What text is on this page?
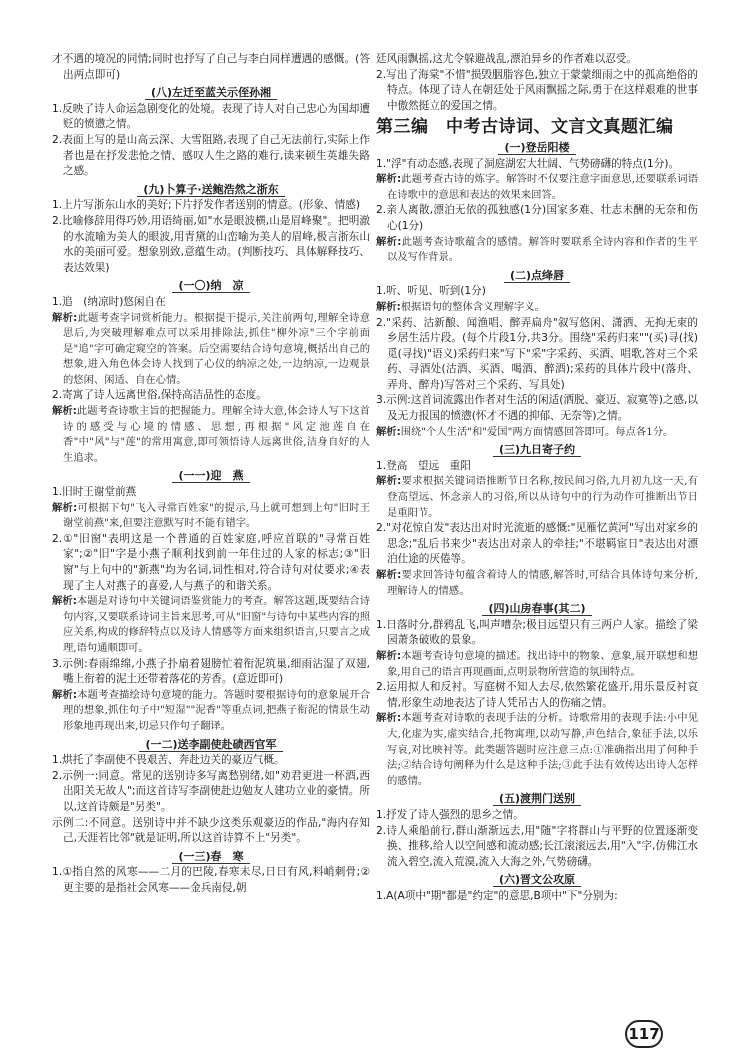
才不遇的境况的同情;同时也抒写了自己与李白同样遭遇的感慨。(答出两点即可)
(八)左迁至蓝关示侄孙湘
1.反映了诗人命运急剧变化的处境。表现了诗人对自己忠心为国却遭贬的愤懑之情。
2.表面上写的是山高云深、大雪阻路,表现了自己无法前行,实际上作者也是在抒发悲怆之情、感叹人生之路的难行,读来顿生英雄失路之感。
(九)卜算子·送鲍浩然之浙东
1.上片写浙东山水的美好;下片抒发作者送别的情意。(形象、情感)
2.比喻修辞用得巧妙,用语绮丽,如"水是眼波横,山是眉峰聚"。把明澈的水流喻为美人的眼波,用青黛的山峦喻为美人的眉峰,极言浙东山水的美丽可爱。想象别致,意蕴生动。(判断技巧、具体解释技巧、表达效果)
(一〇)纳　凉
1.追　(纳凉时)悠闲自在
解析:此题考查字词赏析能力。根据提干提示,关注前两句,理解全诗意思后,为突破理解难点可以采用排除法,抓住"柳外凉"三个字前面是"追"字可确定窥空的答案。后空需要结合诗句意境,概括出自己的想象,进入角色体会诗人找到了心仪的纳凉之处,一边纳凉,一边观景的悠闲、闲适、自在心情。
2.寄寓了诗人远离世俗,保持高洁品性的态度。
解析:此题考查诗歌主旨的把握能力。理解全诗大意,体会诗人写下这首诗的感受与心境的情感、思想,再根据"风定池莲自在香"中"风"与"莲"的常用寓意,即可领悟诗人远离世俗,洁身自好的人生追求。
(一一)迎　燕
1.旧时王谢堂前燕
解析:可根据下句"飞入寻常百姓家"的提示,马上就可想到上句"旧时王谢堂前燕"来,但要注意默写时不能有错字。
2.①"旧窗"表明这是一个普通的百姓家庭,呼应首联的"寻常百姓家";②"旧"字是小燕子顺利找到前一年住过的人家的标志;③"旧窗"与上句中的"新燕"均为名词,词性相对,符合诗句对仗要求;④表现了主人对燕子的喜爱,人与燕子的和谐关系。
解析:本题是对诗句中关键词语鉴赏能力的考查。解答这题,既要结合诗句内容,又要联系诗词主旨来思考,可从"旧窗"与诗句中某些内容的照应关系,构成的修辞特点以及诗人情感等方面来组织语言,只要言之成理,语句通顺即可。
3.示例:春雨绵绵,小燕子扑扇着翅膀忙着衔泥筑巢,细雨沾湿了双翅,嘴上衔着的泥土还带着落花的芳香。(意近即可)
解析:本题考查描绘诗句意境的能力。答题时要根据诗句的意象展开合理的想象,抓住句子中"短湿""泥香"等重点词,把燕子衔泥的情景生动形象地再现出来,切忌只作句子翻译。
(一二)送李副使赴碛西官军
1.烘托了李副使不畏艰苦、奔赴边关的豪迈气概。
2.示例一:同意。常见的送别诗多写离愁别绪,如"劝君更进一杯酒,西出阳关无故人";而这首诗写李副使赴边勉友人建功立业的豪情。所以,这首诗颇是"另类"。
示例二:不同意。送别诗中并不缺少这类乐观豪迈的作品,"海内存知己,天涯若比邻"就是证明,所以这首诗算不上"另类"。
(一三)春　寒
1.①指自然的风寒——二月的巴陵,春寒未尽,日日有风,料峭刺骨;②更主要的是指社会风寒——金兵南侵,朝
廷风雨飘摇,这尤令躲避战乱,漂泊异乡的作者难以忍受。
2.写出了海棠"不惜"损毁胭脂容色,独立于蒙蒙细雨之中的孤高绝俗的特点。体现了诗人在朝廷处于风雨飘摇之际,勇于在这样艰难的世事中傲然挺立的爱国之情。
第三编　中考古诗词、文言文真题汇编
(一)登岳阳楼
1."浮"有动态感,表现了洞庭湖宏大壮阔、气势磅礴的特点(1分)。
解析:此题考查古诗的炼字。解答时不仅要注意字面意思,还要联系词语在诗歌中的意思和表达的效果来回答。
2.亲人离散,漂泊无依的孤独感(1分)国家多难、壮志未酬的无奈和伤心(1分)
解析:此题考查诗歌蕴含的感情。解答时要联系全诗内容和作者的生平以及写作背景。
(二)点绛唇
1.听、听见、听到(1分)
解析:根据语句的整体含义理解字义。
2."采药、沽新酿、闻渔唱、醉弄扁舟"叙写悠闲、潇洒、无拘无束的乡居生活片段。(每个片段1分,共3分。围绕"采药归来""(买)寻(找)觅(寻找)"语义)采药归来"写下"采"字采药、买酒、唱歌,答对三个采药、寻酒处(沽酒、买酒、喝酒、醉酒);采药的具体片段中(落舟、弄舟、醉舟)写答对三个采药、写具处)
3.示例:这首词流露出作者对生活的闲适(洒脱、豪迈、寂寞等)之感,以及无力报国的愤懑(怀才不遇的抑郁、无奈等)之情。
解析:围绕"个人生活"和"爱国"两方面情感回答即可。每点各1分。
(三)九日寄子约
1.登高　望远　重阳
解析:要求根据关键词语推断节日名称,按民间习俗,九月初九这一天,有登高望远、怀念亲人的习俗,所以从诗句中的行为动作可推断出节日是重阳节。
2."对花惊自发"表达出对时光流逝的感慨:"见雁忆黄河"写出对家乡的思念;"乱后书来少"表达出对亲人的牵挂;"不堪羁宦日"表达出对漂泊仕途的厌倦等。
解析:要求回答诗句蕴含着诗人的情感,解答时,可结合具体诗句来分析,理解诗人的情感。
(四)山房春事(其二)
1.日落时分,群鸦乱飞,叫声嘈杂;极目远望只有三两户人家。描绘了梁园萧条破败的景象。
解析:本题考查诗句意境的描述。找出诗中的物象、意象,展开联想和想象,用自己的语言再现画面,点明景物所营造的氛围特点。
2.运用拟人和反衬。写庭树不知人去尽,依然繁花盛开,用乐景反衬哀情,形象生动地表达了诗人凭吊古人的伤痛之情。
解析:本题考查对诗歌的表现手法的分析。诗歌常用的表现手法:小中见大,化虚为实,虚实结合,托物寓理,以动写静,声色结合,象征手法,以乐写哀,对比映衬等。此类题答题时应注意三点:①准确指出用了何种手法;②结合诗句阐释为什么是这种手法;③此手法有效传达出诗人怎样的感情。
(五)渡荆门送别
1.抒发了诗人强烈的思乡之情。
2.诗人乘船前行,群山渐渐远去,用"随"字将群山与平野的位置逐渐变换、推移,给人以空间感和流动感;长江滚滚远去,用"入"字,仿佛江水流入碧空,流入荒漠,流入大海之外,气势磅礴。
(六)晋文公攻原
1.A(A项中"期"都是"约定"的意思,B项中"下"分别为:
117
